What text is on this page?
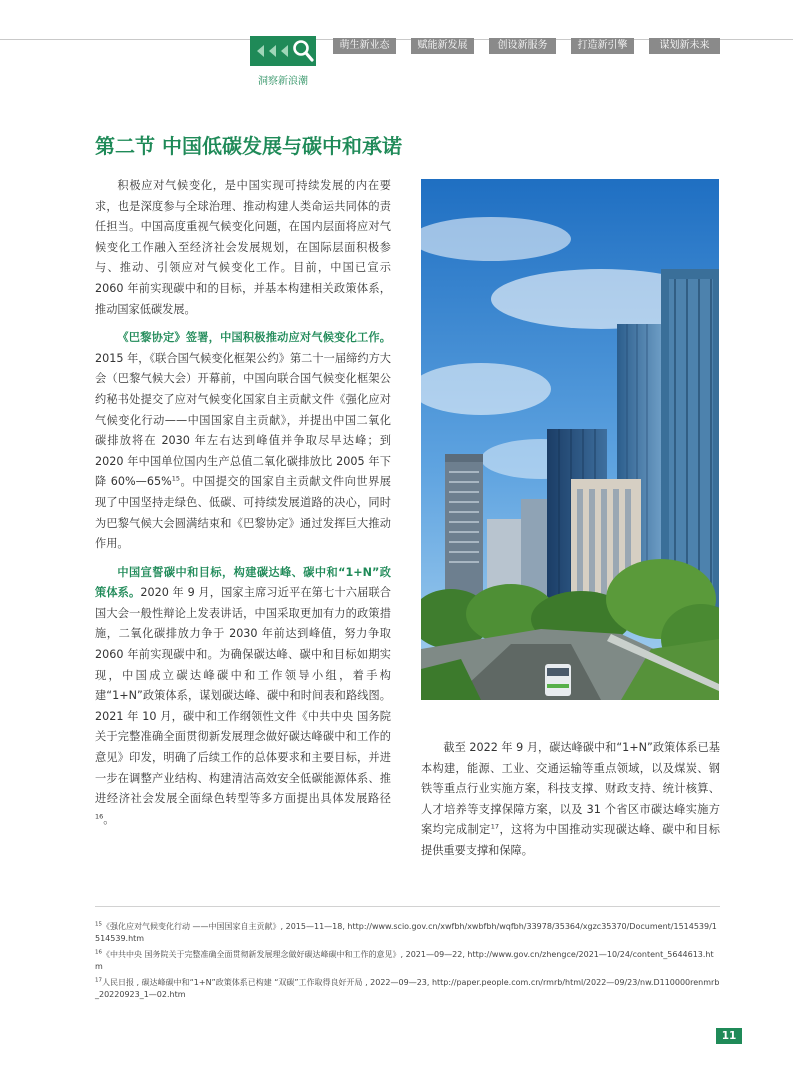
洞察新浪潮
萌生新业态	赋能新发展	创设新服务	打造新引擎	谋划新未来
第二节 中国低碳发展与碳中和承诺

积极应对气候变化，是中国实现可持续发展的内在要求，也是深度参与全球治理、推动构建人类命运共同体的责任担当。中国高度重视气候变化问题，在国内层面将应对气候变化工作融入至经济社会发展规划，在国际层面积极参与、推动、引领应对气候变化工作。目前，中国已宣示 2060 年前实现碳中和的目标，并基本构建相关政策体系，推动国家低碳发展。

《巴黎协定》签署，中国积极推动应对气候变化工作。2015 年，《联合国气候变化框架公约》第二十一届缔约方大会（巴黎气候大会）开幕前，中国向联合国气候变化框架公约秘书处提交了应对气候变化国家自主贡献文件《强化应对气候变化行动——中国国家自主贡献》，并提出中国二氧化碳排放将在 2030 年左右达到峰值并争取尽早达峰；到 2020 年中国单位国内生产总值二氧化碳排放比 2005 年下降 60%—65%$^{15}$。中国提交的国家自主贡献文件向世界展现了中国坚持走绿色、低碳、可持续发展道路的决心，同时为巴黎气候大会圆满结束和《巴黎协定》通过发挥巨大推动作用。

中国宣誓碳中和目标，构建碳达峰、碳中和“1+N”政策体系。2020 年 9 月，国家主席习近平在第七十六届联合国大会一般性辩论上发表讲话，中国采取更加有力的政策措施，二氧化碳排放力争于 2030 年前达到峰值，努力争取 2060 年前实现碳中和。为确保碳达峰、碳中和目标如期实现，中国成立碳达峰碳中和工作领导小组，着手构建“1+N”政策体系，谋划碳达峰、碳中和时间表和路线图。2021 年 10 月，碳中和工作纲领性文件《中共中央 国务院关于完整准确全面贯彻新发展理念做好碳达峰碳中和工作的意见》印发，明确了后续工作的总体要求和主要目标，并进一步在调整产业结构、构建清洁高效安全低碳能源体系、推进经济社会发展全面绿色转型等多方面提出具体发展路径$^{16}$。

截至 2022 年 9 月，碳达峰碳中和“1+N”政策体系已基本构建，能源、工业、交通运输等重点领域，以及煤炭、钢铁等重点行业实施方案，科技支撑、财政支持、统计核算、人才培养等支撑保障方案，以及 31 个省区市碳达峰实施方案均完成制定$^{17}$，这将为中国推动实现碳达峰、碳中和目标提供重要支撑和保障。

$^{15}$《强化应对气候变化行动 ——中国国家自主贡献》, 2015—11—18, http://www.scio.gov.cn/xwfbh/xwbfbh/wqfbh/33978/35364/xgzc35370/Document/1514539/1514539.htm

$^{16}$《中共中央 国务院关于完整准确全面贯彻新发展理念做好碳达峰碳中和工作的意见》, 2021—09—22, http://www.gov.cn/zhengce/2021—10/24/content_5644613.htm

$^{17}$人民日报 , 碳达峰碳中和“1+N”政策体系已构建 “双碳”工作取得良好开局 , 2022—09—23, http://paper.people.com.cn/rmrb/html/2022—09/23/nw.D110000renmrb_20220923_1—02.htm

11
